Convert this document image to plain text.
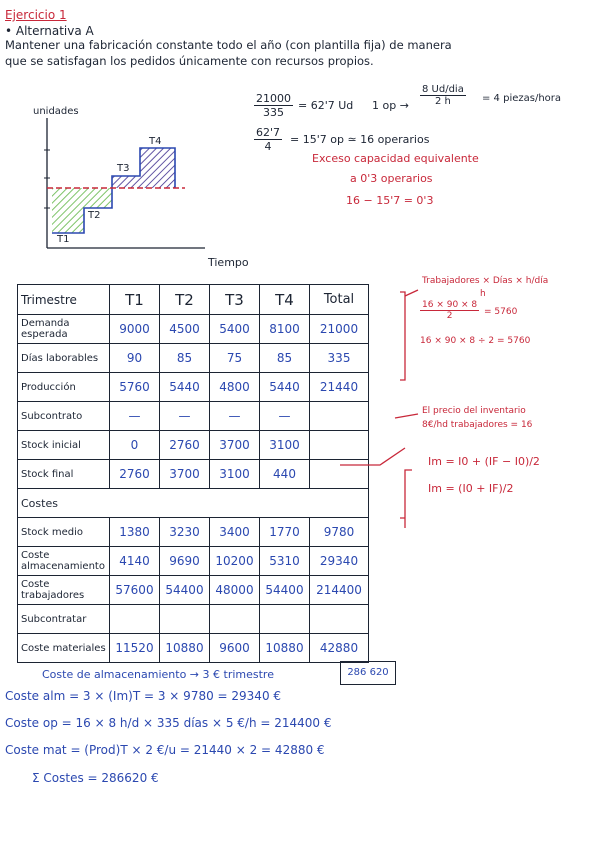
Ejercicio 1
• Alternativa A
Mantener una fabricación constante todo el año (con plantilla fija) de manera
que se satisfagan los pedidos únicamente con recursos propios.
unidades
Tiempo
T1
T2
T3
T4
$\frac{21000}{335} = 62'7$ Ud 1 op →
8 Ud/dia
2 h	= 4 piezas/hora
$\frac{62'7}{4} = 15'7$ op ≃ 16 operarios
Exceso capacidad equivalente
a 0'3 operarios
16 − 15'7 = 0'3
Trimestre	T1	T2	T3	T4	Total
Demanda esperada	9000	4500	5400	8100	21000
Días laborables	90	85	75	85	335
Producción	5760	5440	4800	5440	21440
Subcontrato	—	—	—	—	
Stock inicial	0	2760	3700	3100	
Stock final	2760	3700	3100	440	
Costes					
Stock medio	1380	3230	3400	1770	9780
Coste almacenamiento	4140	9690	10200	5310	29340
Coste trabajadores	57600	54400	48000	54400	214400
Subcontratar					
Coste materiales	11520	10880	9600	10880	42880
Trabajadores × Días × h/día
h
$\frac{16 \times 90 \times 8}{2} = 5760$
16 × 90 × 8 ÷ 2 = 5760
El precio del inventario
8€/hd trabajadores = 16
Im = I0 + (IF − I0)/2
Im = (I0 + IF)/2
Coste de almacenamiento → 3 € trimestre	286 620
Coste alm = 3 × (Im)T = 3 × 9780 = 29340 €
Coste op = 16 × 8 h/d × 335 días × 5 €/h = 214400 €
Coste mat = (Prod)T × 2 €/u = 21440 × 2 = 42880 €
Σ Costes = 286620 €
